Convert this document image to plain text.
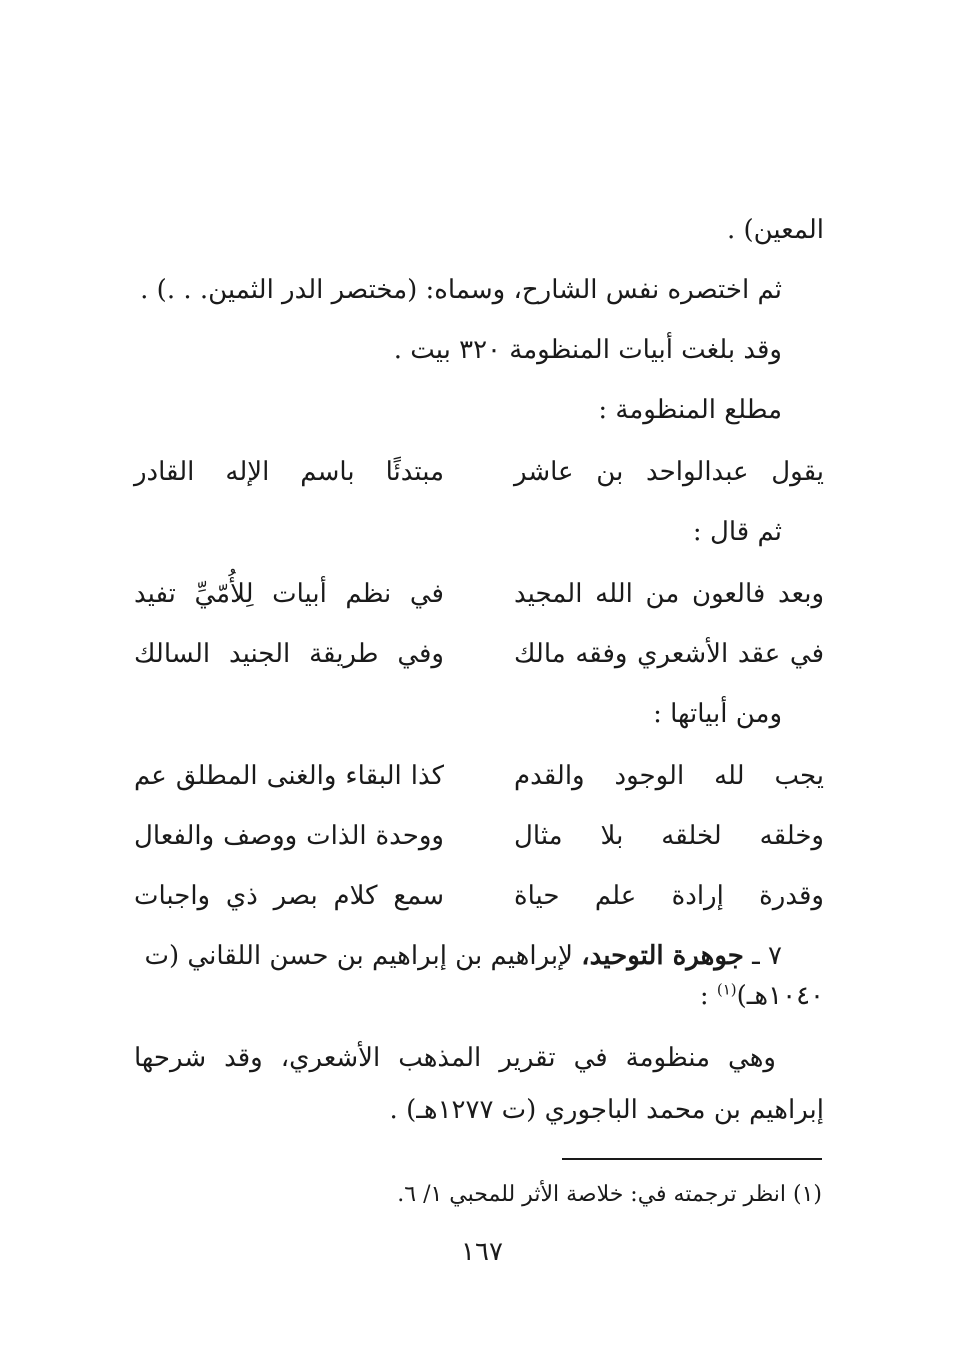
المعين) .
ثم اختصره نفس الشارح، وسماه: (مختصر الدر الثمين. . .) .
وقد بلغت أبيات المنظومة ٣٢٠ بيت .
مطلع المنظومة :
يقول عبدالواحد بن عاشر
مبتدئًا باسم الإله القادر
ثم قال :
وبعد فالعون من الله المجيد
في نظم أبيات لِلأُمّيِّ تفيد
في عقد الأشعري وفقه مالك
وفي طريقة الجنيد السالك
ومن أبياتها :
يجب لله الوجود والقدم
كذا البقاء والغنى المطلق عم
وخلقه لخلقه بلا مثال
ووحدة الذات ووصف والفعال
وقدرة إرادة علم حياة
سمع كلام بصر ذي واجبات
٧ ـ جوهرة التوحيد، لإبراهيم بن إبراهيم بن حسن اللقاني (ت
١٠٤٠هـ)$^{(١)}$ :
وهي منظومة في تقرير المذهب الأشعري، وقد شرحها إبراهيم بن محمد الباجوري (ت ١٢٧٧هـ) .
(١) انظر ترجمته في: خلاصة الأثر للمحبي ١/ ٦.
١٦٧
